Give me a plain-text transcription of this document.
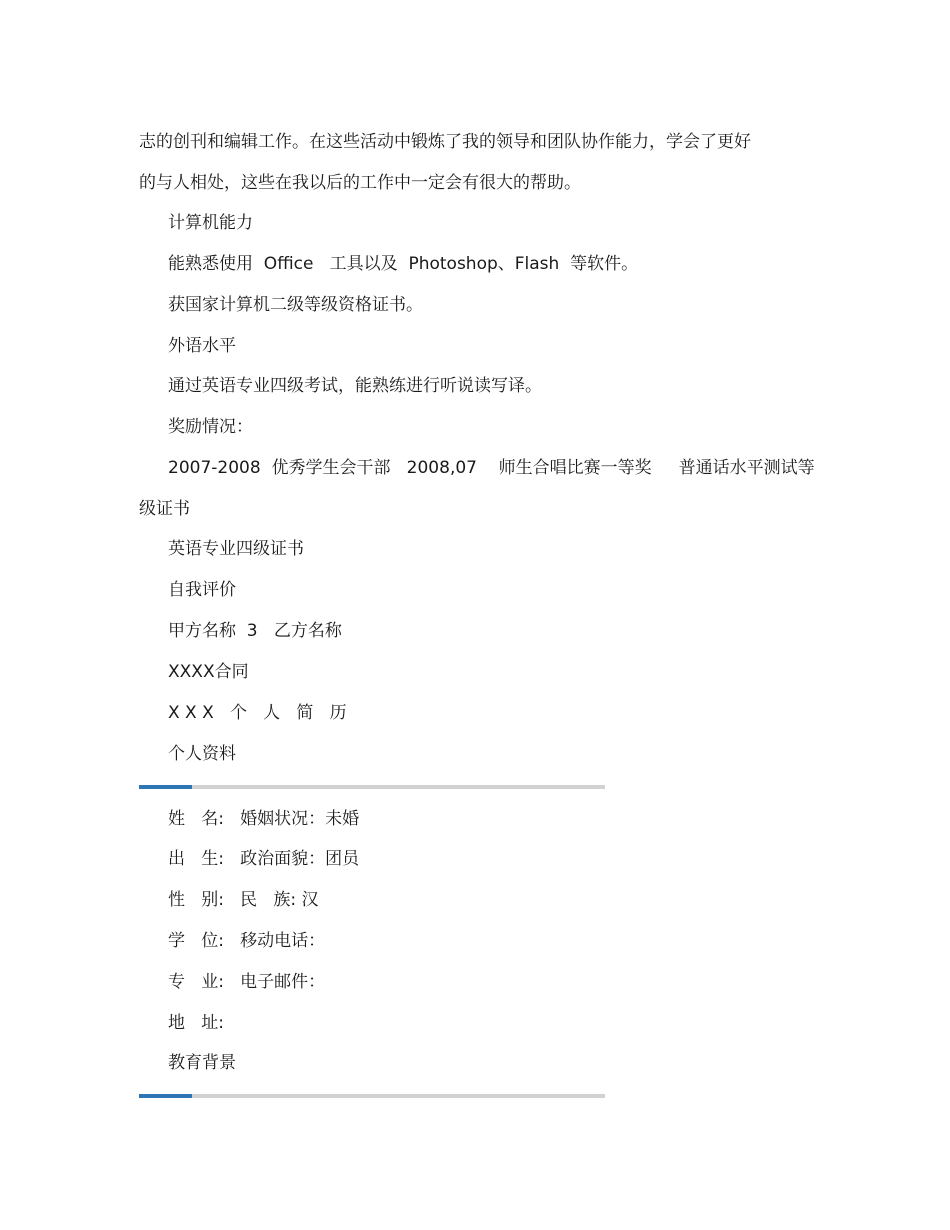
志的创刊和编辑工作。在这些活动中锻炼了我的领导和团队协作能力，学会了更好
的与人相处，这些在我以后的工作中一定会有很大的帮助。
计算机能力
能熟悉使用  Office   工具以及  Photoshop、Flash  等软件。
获国家计算机二级等级资格证书。
外语水平
通过英语专业四级考试，能熟练进行听说读写译。
奖励情况：
2007-2008  优秀学生会干部   2008,07    师生合唱比赛一等奖     普通话水平测试等
级证书
英语专业四级证书
自我评价
甲方名称  3   乙方名称
XXXX合同
X X X   个   人   简   历
个人资料
姓   名:   婚姻状况：未婚
出   生:   政治面貌：团员
性   别:   民   族: 汉
学   位:   移动电话：
专   业:   电子邮件：
地   址:
教育背景
